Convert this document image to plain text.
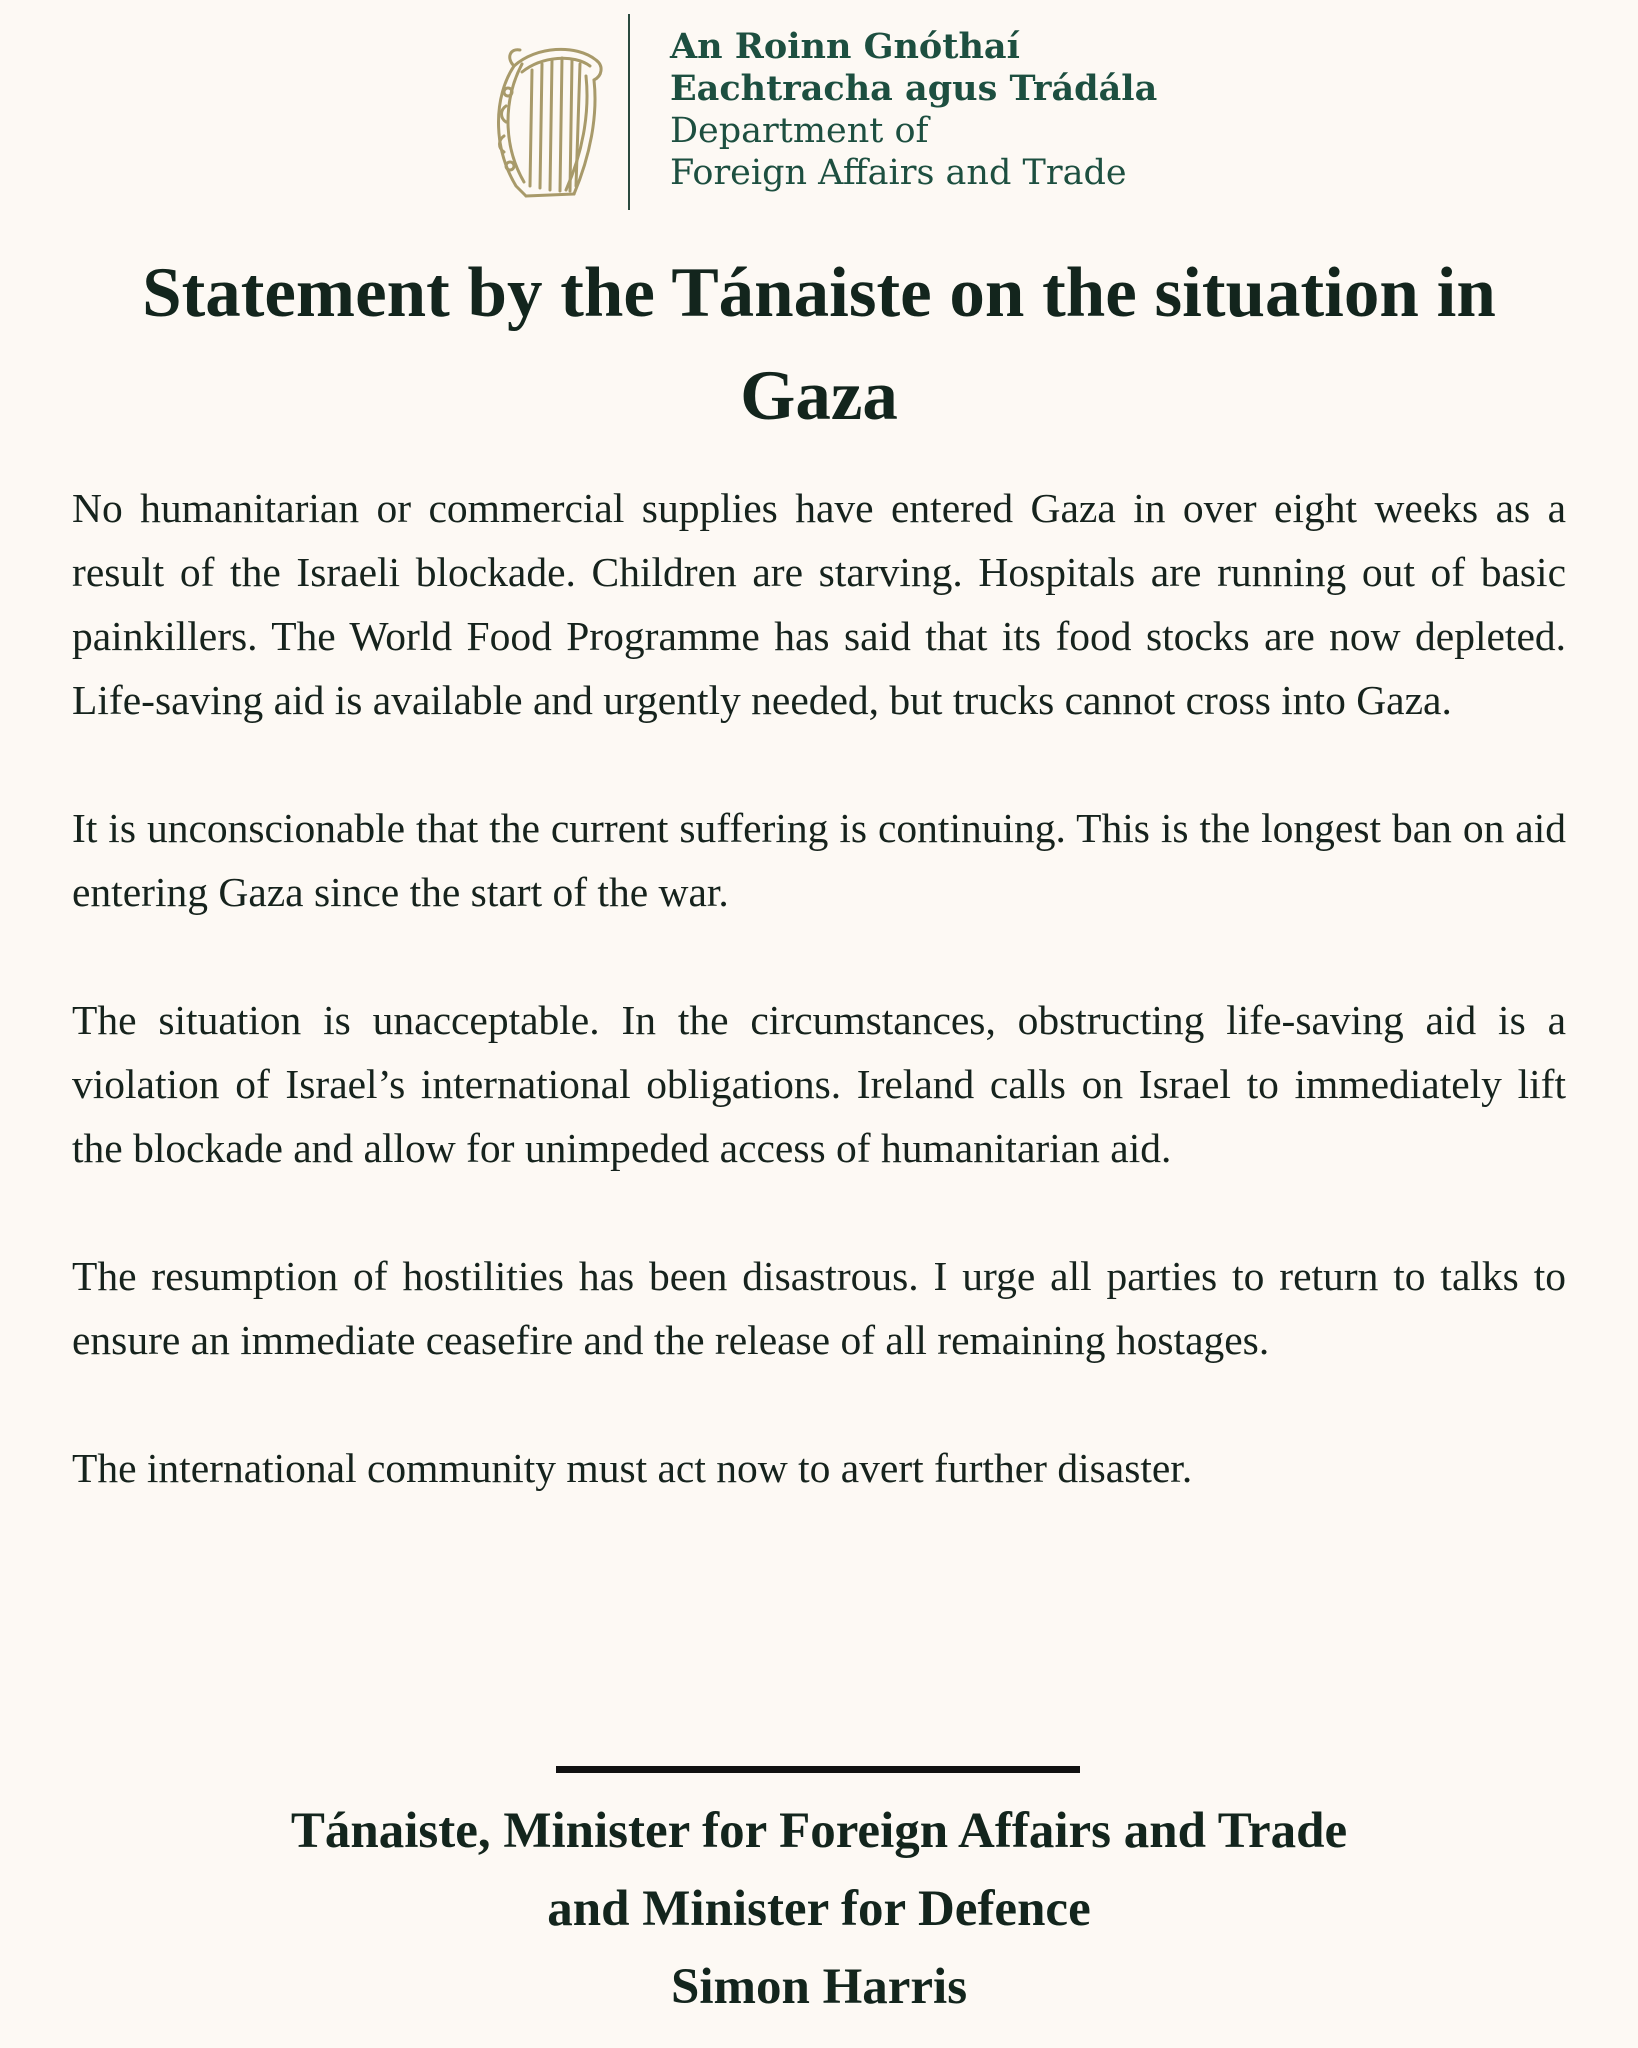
An Roinn Gnóthaí
Eachtracha agus Trádála
Department of
Foreign Affairs and Trade
Statement by the Tánaiste on the situation in Gaza

No humanitarian or commercial supplies have entered Gaza in over eight weeks as a result of the Israeli blockade. Children are starving. Hospitals are running out of basic painkillers. The World Food Programme has said that its food stocks are now depleted. Life-saving aid is available and urgently needed, but trucks cannot cross into Gaza.

It is unconscionable that the current suffering is continuing. This is the longest ban on aid entering Gaza since the start of the war.

The situation is unacceptable. In the circumstances, obstructing life-saving aid is a violation of Israel’s international obligations. Ireland calls on Israel to immediately lift the blockade and allow for unimpeded access of humanitarian aid.

The resumption of hostilities has been disastrous. I urge all parties to return to talks to ensure an immediate ceasefire and the release of all remaining hostages.

The international community must act now to avert further disaster.

Tánaiste, Minister for Foreign Affairs and Trade
and Minister for Defence
Simon Harris
